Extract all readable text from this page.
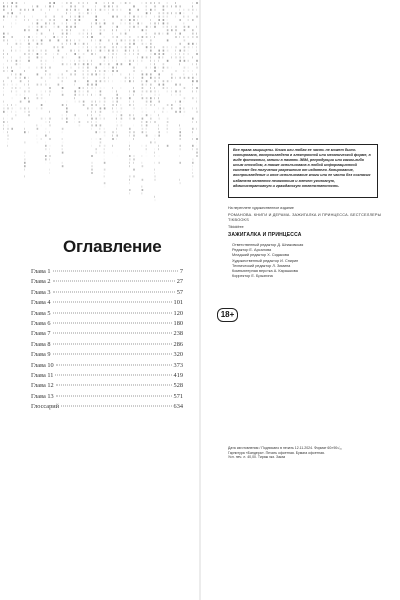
Оглавление
Глава 1	7
Глава 2	27
Глава 3	57
Глава 4	101
Глава 5	120
Глава 6	180
Глава 7	238
Глава 8	286
Глава 9	320
Глава 10	373
Глава 11	419
Глава 12	528
Глава 13	571
Глоссарий	634
Все права защищены. Книга или любая ее часть не может быть скопирована, воспроизведена в электронной или механической форме, в виде фотокопии, записи в память ЭВМ, репродукции или каким-либо иным способом, а также использована в любой информационной системе без получения разрешения от издателя. Копирование, воспроизведение и иное использование книги или ее части без согласия издателя является незаконным и влечет уголовную, административную и гражданскую ответственность.
На переплете художественное издание
РОМАНОВА. КНИГИ И ДЕРАМА. ЗАЖИГАЛКА И ПРИНЦЕССА. БЕСТСЕЛЛЕРЫ TIKBOOKS
Tiktokfree
ЗАЖИГАЛКА И ПРИНЦЕССА
Ответственный редактор Д. Шпаковская
Редактор Е. Арсалова
Младший редактор Х. Сидакова
Художественный редактор И. Спирин
Технический редактор Л. Зимина
Компьютерная верстка А. Карашкова
Корректор Е. Брызгина
18+
Дата изготовления / Подписано в печать 12.11.2024. Формат 60×90¹/₁₆
Гарнитура «Бандера». Печать офсетная. Бумага офсетная.
Усл. печ. л. 40,00. Тираж экз. Заказ
